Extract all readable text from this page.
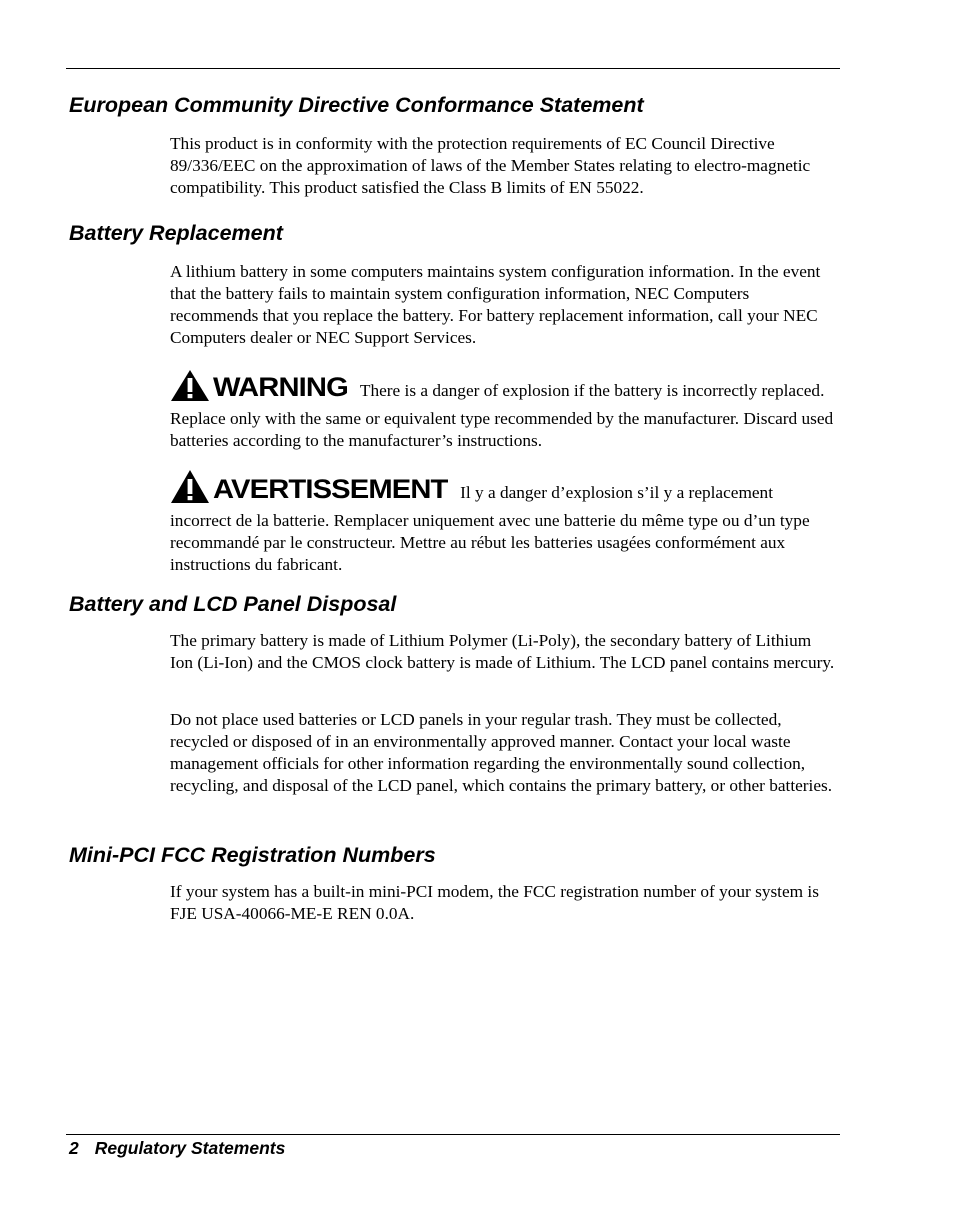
European Community Directive Conformance Statement

This product is in conformity with the protection requirements of EC Council Directive 89/336/EEC on the approximation of laws of the Member States relating to electro-magnetic compatibility. This product satisfied the Class B limits of EN 55022.

Battery Replacement

A lithium battery in some computers maintains system configuration information. In the event that the battery fails to maintain system configuration information, NEC Computers recommends that you replace the battery. For battery replacement information, call your NEC Computers dealer or NEC Support Services.

WARNING There is a danger of explosion if the battery is incorrectly replaced. Replace only with the same or equivalent type recommended by the manufacturer. Discard used batteries according to the manufacturer’s instructions.

AVERTISSEMENT Il y a danger d’explosion s’il y a replacement incorrect de la batterie. Remplacer uniquement avec une batterie du même type ou d’un type recommandé par le constructeur. Mettre au rébut les batteries usagées conformément aux instructions du fabricant.

Battery and LCD Panel Disposal

The primary battery is made of Lithium Polymer (Li-Poly), the secondary battery of Lithium Ion (Li-Ion) and the CMOS clock battery is made of Lithium. The LCD panel contains mercury.

Do not place used batteries or LCD panels in your regular trash. They must be collected, recycled or disposed of in an environmentally approved manner. Contact your local waste management officials for other information regarding the environmentally sound collection, recycling, and disposal of the LCD panel, which contains the primary battery, or other batteries.

Mini-PCI FCC Registration Numbers

If your system has a built-in mini-PCI modem, the FCC registration number of your system is FJE USA-40066-ME-E REN 0.0A.

2 Regulatory Statements
